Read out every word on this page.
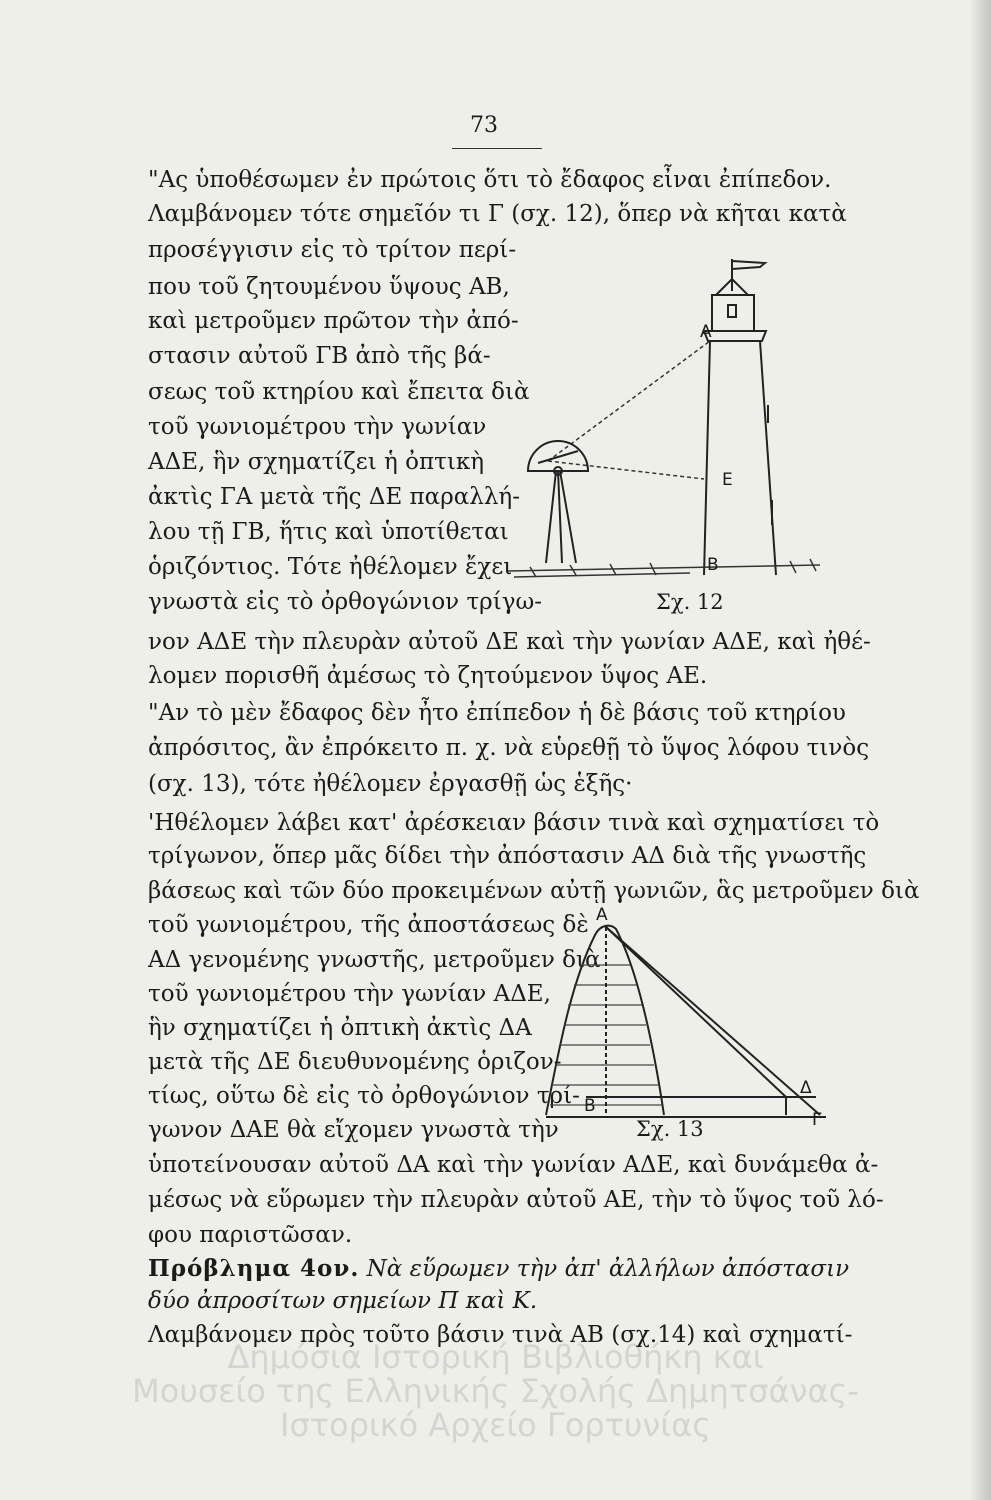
73
"Ας ὑποθέσωμεν ἐν πρώτοις ὅτι τὸ ἔδαφος εἶναι ἐπίπεδον.
Λαμβάνομεν τότε σημεῖόν τι Γ (σχ. 12), ὅπερ νὰ κῆται κατὰ
προσέγγισιν εἰς τὸ τρίτον περί-
που τοῦ ζητουμένου ὕψους ΑΒ,
καὶ μετροῦμεν πρῶτον τὴν ἀπό-
στασιν αὐτοῦ ΓΒ ἀπὸ τῆς βά-
σεως τοῦ κτηρίου καὶ ἔπειτα διὰ
τοῦ γωνιομέτρου τὴν γωνίαν
ΑΔΕ, ἣν σχηματίζει ἡ ὀπτικὴ
ἀκτὶς ΓΑ μετὰ τῆς ΔΕ παραλλή-
λου τῇ ΓΒ, ἥτις καὶ ὑποτίθεται
ὁριζόντιος. Τότε ἠθέλομεν ἔχει
γνωστὰ εἰς τὸ ὀρθογώνιον τρίγω-
Α
Ε
Β
Σχ. 12
νον ΑΔΕ τὴν πλευρὰν αὐτοῦ ΔΕ καὶ τὴν γωνίαν ΑΔΕ, καὶ ἠθέ-
λομεν πορισθῆ ἀμέσως τὸ ζητούμενον ὕψος ΑΕ.
"Αν τὸ μὲν ἔδαφος δὲν ἦτο ἐπίπεδον ἡ δὲ βάσις τοῦ κτηρίου
ἀπρόσιτος, ἂν ἐπρόκειτο π. χ. νὰ εὑρεθῇ τὸ ὕψος λόφου τινὸς
(σχ. 13), τότε ἠθέλομεν ἐργασθῇ ὡς ἑξῆς·
'Ηθέλομεν λάβει κατ' ἀρέσκειαν βάσιν τινὰ καὶ σχηματίσει τὸ
τρίγωνον, ὅπερ μᾶς δίδει τὴν ἀπόστασιν ΑΔ διὰ τῆς γνωστῆς
βάσεως καὶ τῶν δύο προκειμένων αὐτῇ γωνιῶν, ἃς μετροῦμεν διὰ
τοῦ γωνιομέτρου, τῆς ἀποστάσεως δὲ
ΑΔ γενομένης γνωστῆς, μετροῦμεν διὰ
τοῦ γωνιομέτρου τὴν γωνίαν ΑΔΕ,
ἣν σχηματίζει ἡ ὀπτικὴ ἀκτὶς ΔΑ
μετὰ τῆς ΔΕ διευθυνομένης ὁριζον-
τίως, οὕτω δὲ εἰς τὸ ὀρθογώνιον τρί-
γωνον ΔΑΕ θὰ εἴχομεν γνωστὰ τὴν
Α
Β
Δ
Γ
Σχ. 13
ὑποτείνουσαν αὐτοῦ ΔΑ καὶ τὴν γωνίαν ΑΔΕ, καὶ δυνάμεθα ἀ-
μέσως νὰ εὕρωμεν τὴν πλευρὰν αὐτοῦ ΑΕ, τὴν τὸ ὕψος τοῦ λό-
φου παριστῶσαν.
Πρόβλημα 4ον. Νὰ εὕρωμεν τὴν ἀπ' ἀλλήλων ἀπόστασιν
δύο ἀπροσίτων σημείων Π καὶ Κ.
Λαμβάνομεν πρὸς τοῦτο βάσιν τινὰ ΑΒ (σχ.14) καὶ σχηματί-
Δημόσια Ιστορική Βιβλιοθήκη και
Μουσείο της Ελληνικής Σχολής Δημητσάνας-
Ιστορικό Αρχείο Γορτυνίας
